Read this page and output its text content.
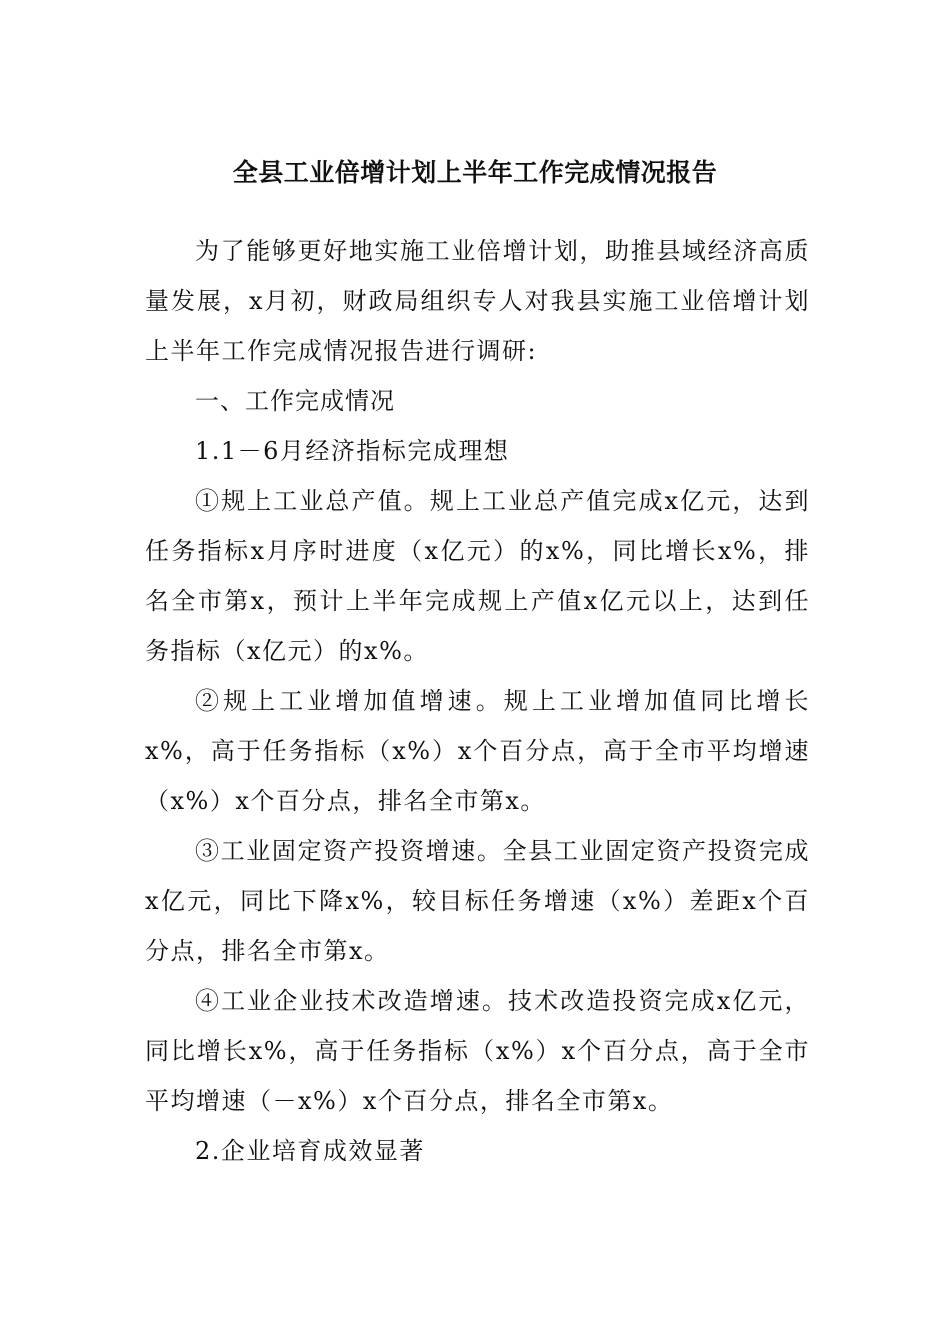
全县工业倍增计划上半年工作完成情况报告

为了能够更好地实施工业倍增计划，助推县域经济高质量发展，x月初，财政局组织专人对我县实施工业倍增计划上半年工作完成情况报告进行调研:

一、工作完成情况

1.1－6月经济指标完成理想

①规上工业总产值。规上工业总产值完成x亿元，达到任务指标x月序时进度（x亿元）的x%，同比增长x%，排名全市第x，预计上半年完成规上产值x亿元以上，达到任务指标（x亿元）的x%。

②规上工业增加值增速。规上工业增加值同比增长x%，高于任务指标（x%）x个百分点，高于全市平均增速（x%）x个百分点，排名全市第x。

③工业固定资产投资增速。全县工业固定资产投资完成x亿元，同比下降x%，较目标任务增速（x%）差距x个百分点，排名全市第x。

④工业企业技术改造增速。技术改造投资完成x亿元，同比增长x%，高于任务指标（x%）x个百分点，高于全市平均增速（－x%）x个百分点，排名全市第x。

2.企业培育成效显著
